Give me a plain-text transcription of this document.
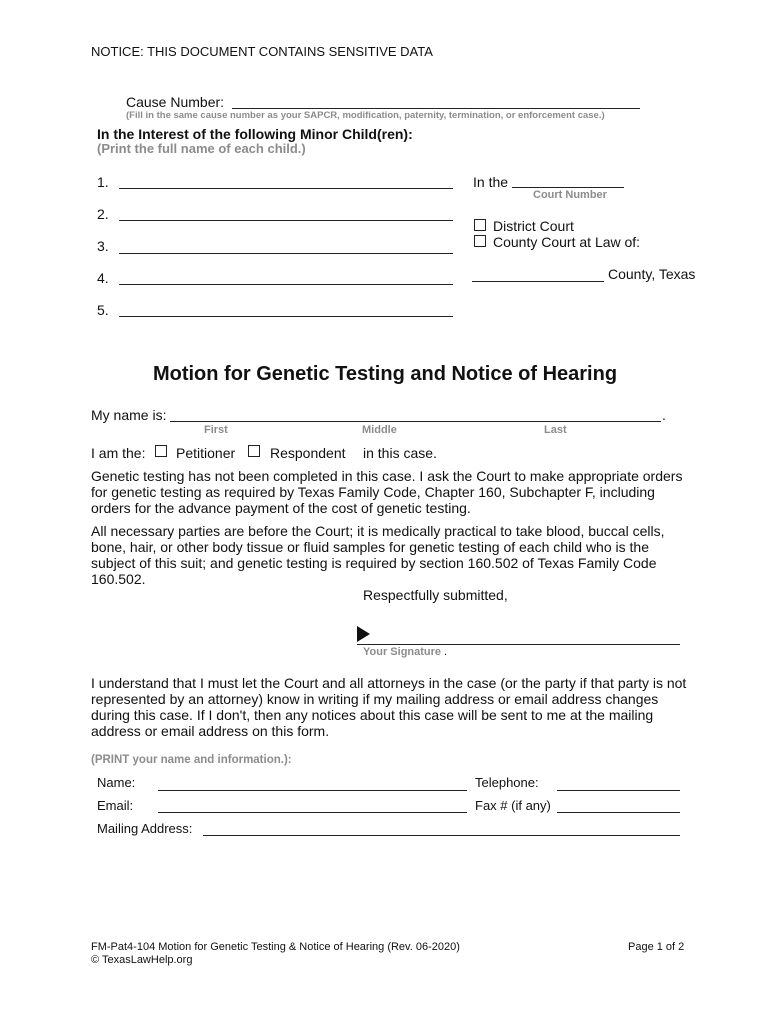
NOTICE: THIS DOCUMENT CONTAINS SENSITIVE DATA
Cause Number:
(Fill in the same cause number as your SAPCR, modification, paternity, termination, or enforcement case.)
In the Interest of the following Minor Child(ren):
(Print the full name of each child.)
1.
2.
3.
4.
5.
In the
Court Number
District Court
County Court at Law of:
County, Texas
Motion for Genetic Testing and Notice of Hearing
My name is:	.
First	Middle	Last
I am the: Petitioner Respondent in this case.
Genetic testing has not been completed in this case. I ask the Court to make appropriate orders for genetic testing as required by Texas Family Code, Chapter 160, Subchapter F, including orders for the advance payment of the cost of genetic testing.
All necessary parties are before the Court; it is medically practical to take blood, buccal cells, bone, hair, or other body tissue or fluid samples for genetic testing of each child who is the subject of this suit; and genetic testing is required by section 160.502 of Texas Family Code 160.502.
Respectfully submitted,
Your Signature .
I understand that I must let the Court and all attorneys in the case (or the party if that party is not represented by an attorney) know in writing if my mailing address or email address changes during this case. If I don't, then any notices about this case will be sent to me at the mailing address or email address on this form.
(PRINT your name and information.):
Name:	Telephone:
Email:	Fax # (if any)
Mailing Address:
FM-Pat4-104 Motion for Genetic Testing & Notice of Hearing (Rev. 06-2020)
© TexasLawHelp.org
Page 1 of 2
